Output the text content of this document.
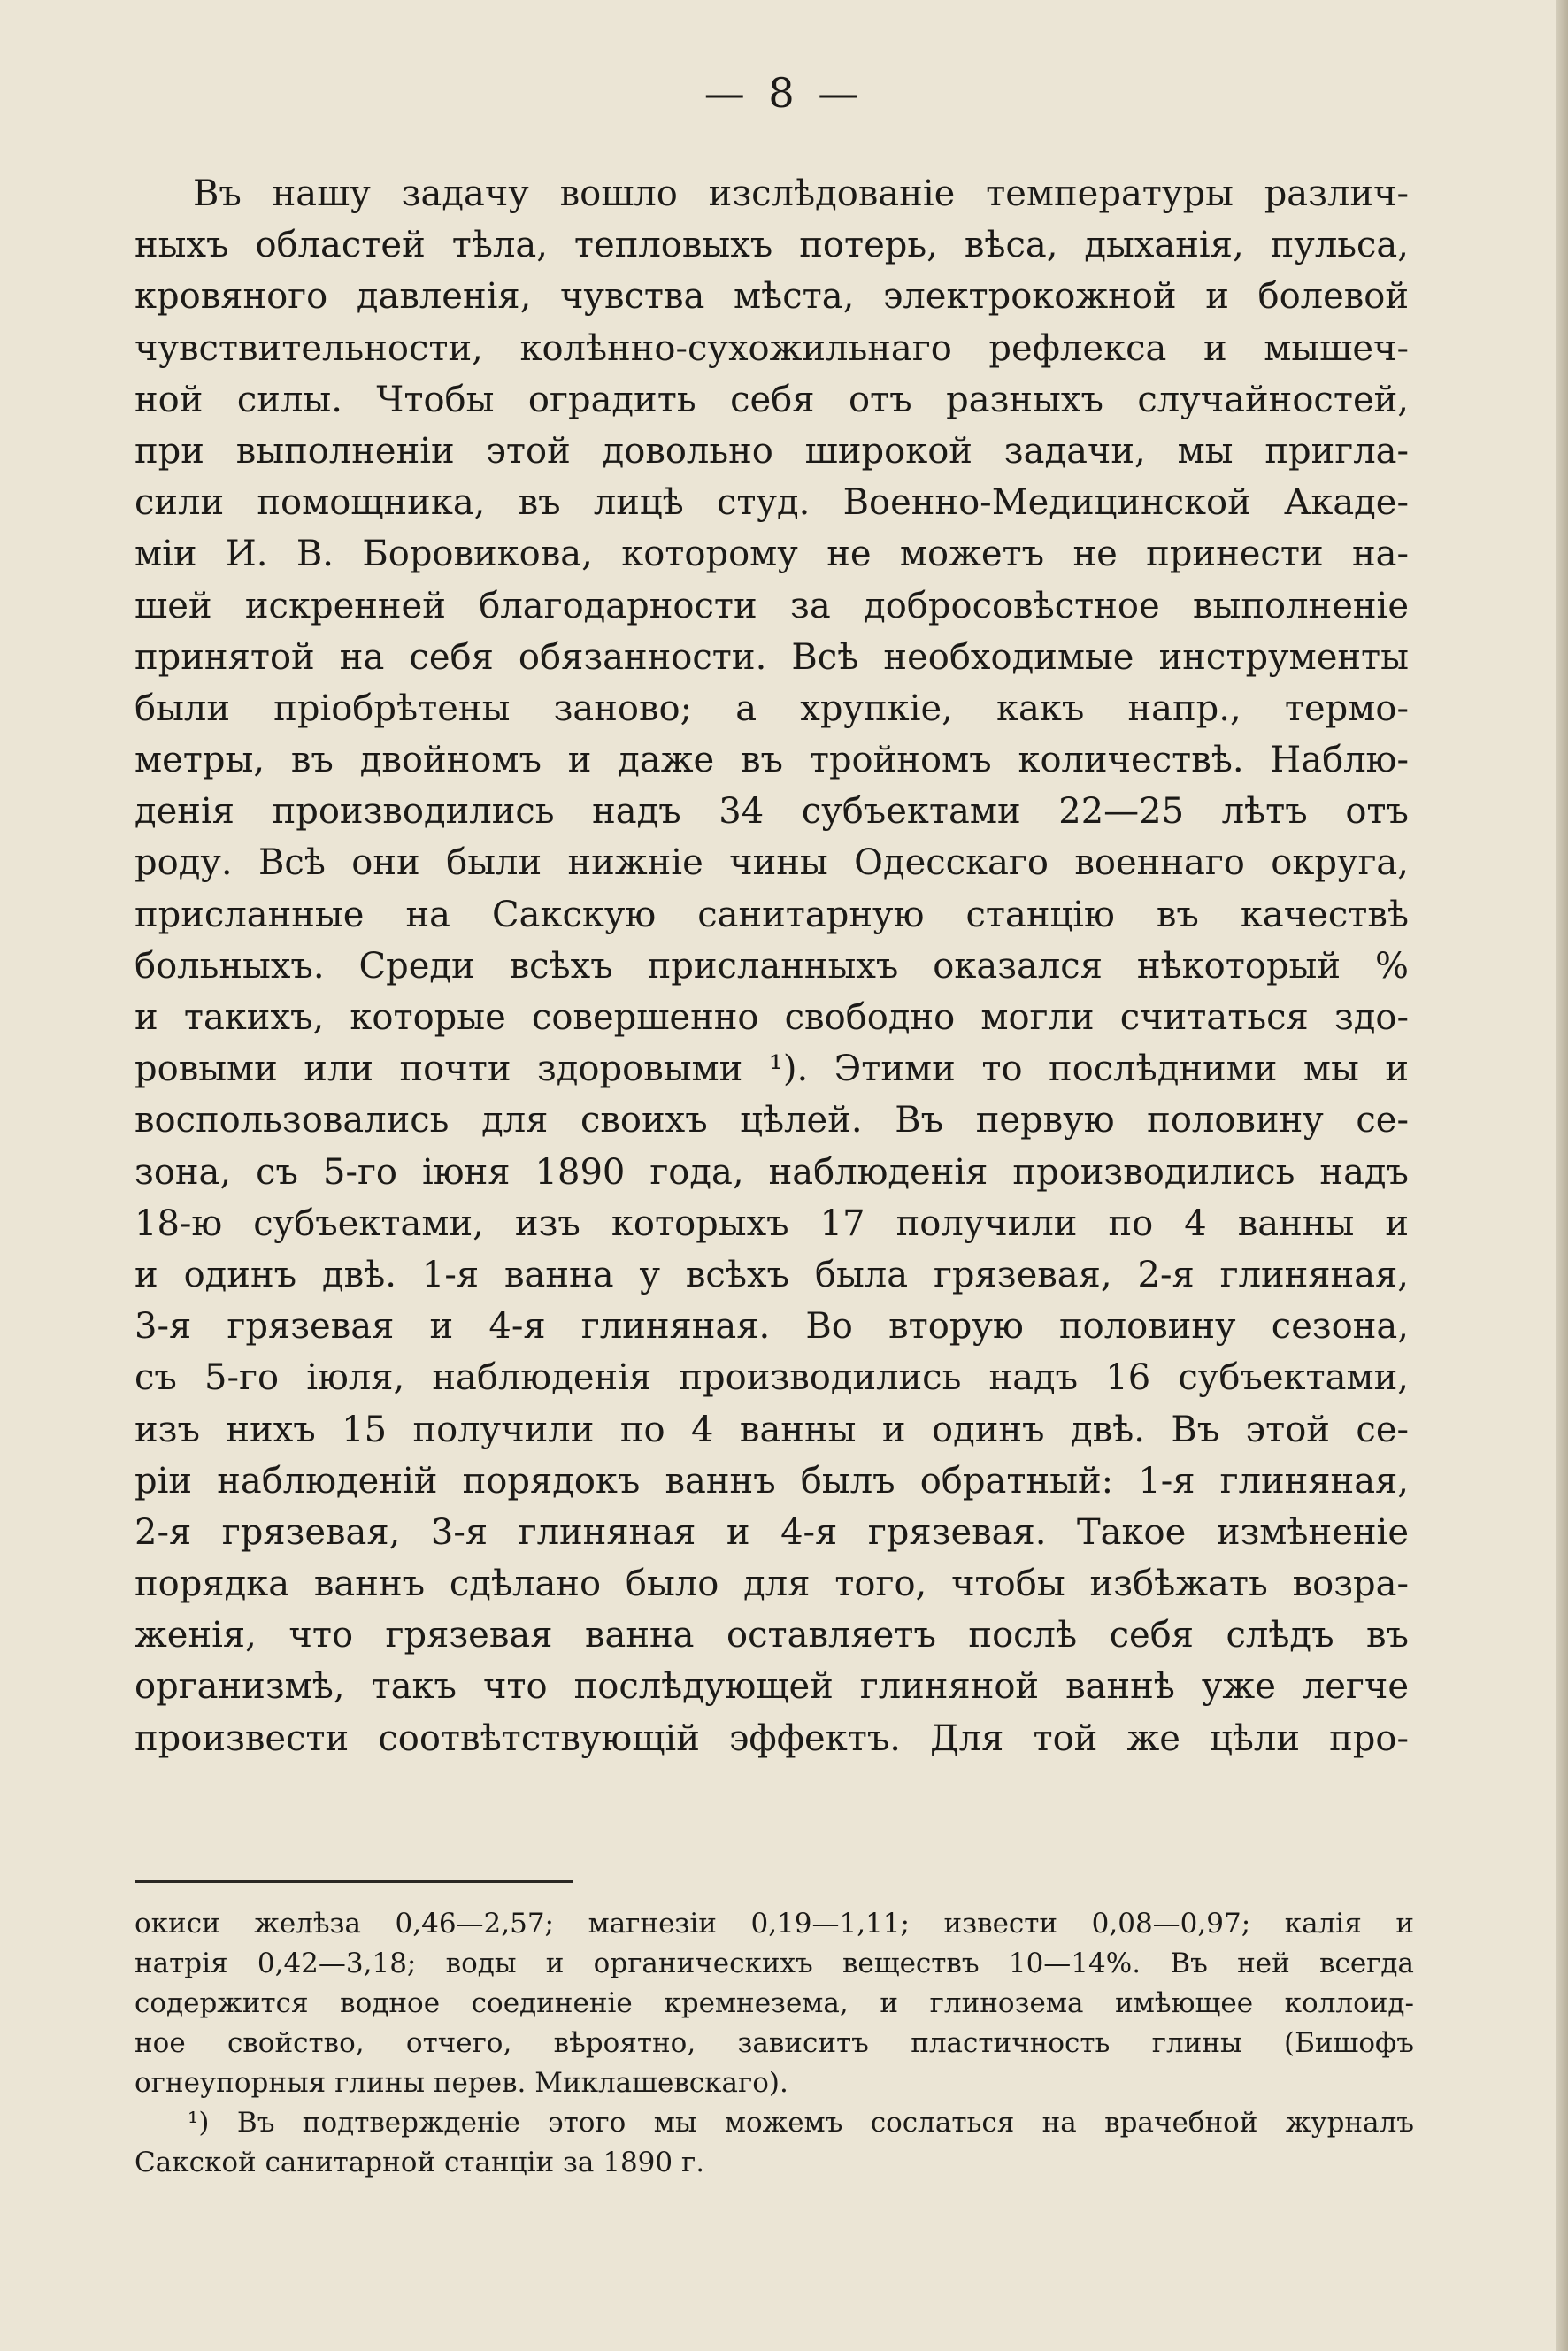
— 8 —
Въ нашу задачу вошло изслѣдованіе температуры различ-
ныхъ областей тѣла, тепловыхъ потерь, вѣса, дыханія, пульса,
кровяного давленія, чувства мѣста, электрокожной и болевой
чувствительности, колѣнно-сухожильнаго рефлекса и мышеч-
ной силы. Чтобы оградить себя отъ разныхъ случайностей,
при выполненіи этой довольно широкой задачи, мы пригла-
сили помощника, въ лицѣ студ. Военно-Медицинской Акаде-
міи И. В. Боровикова, которому не можетъ не принести на-
шей искренней благодарности за добросовѣстное выполненіе
принятой на себя обязанности. Всѣ необходимые инструменты
были пріобрѣтены заново; а хрупкіе, какъ напр., термо-
метры, въ двойномъ и даже въ тройномъ количествѣ. Наблю-
денія производились надъ 34 субъектами 22—25 лѣтъ отъ
роду. Всѣ они были нижніе чины Одесскаго военнаго округа,
присланные на Сакскую санитарную станцію въ качествѣ
больныхъ. Среди всѣхъ присланныхъ оказался нѣкоторый %
и такихъ, которые совершенно свободно могли считаться здо-
ровыми или почти здоровыми ¹). Этими то послѣдними мы и
воспользовались для своихъ цѣлей. Въ первую половину се-
зона, съ 5-го іюня 1890 года, наблюденія производились надъ
18-ю субъектами, изъ которыхъ 17 получили по 4 ванны и
и одинъ двѣ. 1-я ванна у всѣхъ была грязевая, 2-я глиняная,
3-я грязевая и 4-я глиняная. Во вторую половину сезона,
съ 5-го іюля, наблюденія производились надъ 16 субъектами,
изъ нихъ 15 получили по 4 ванны и одинъ двѣ. Въ этой се-
ріи наблюденій порядокъ ваннъ былъ обратный: 1-я глиняная,
2-я грязевая, 3-я глиняная и 4-я грязевая. Такое измѣненіе
порядка ваннъ сдѣлано было для того, чтобы избѣжать возра-
женія, что грязевая ванна оставляетъ послѣ себя слѣдъ въ
организмѣ, такъ что послѣдующей глиняной ваннѣ уже легче
произвести соотвѣтствующій эффектъ. Для той же цѣли про-
окиси желѣза 0,46—2,57; магнезіи 0,19—1,11; извести 0,08—0,97; калія и
натрія 0,42—3,18; воды и органическихъ веществъ 10—14%. Въ ней всегда
содержится водное соединеніе кремнезема, и глинозема имѣющее коллоид-
ное свойство, отчего, вѣроятно, зависитъ пластичность глины (Бишофъ
огнеупорныя глины перев. Миклашевскаго).
¹) Въ подтвержденіе этого мы можемъ сослаться на врачебной журналъ
Сакской санитарной станціи за 1890 г.
